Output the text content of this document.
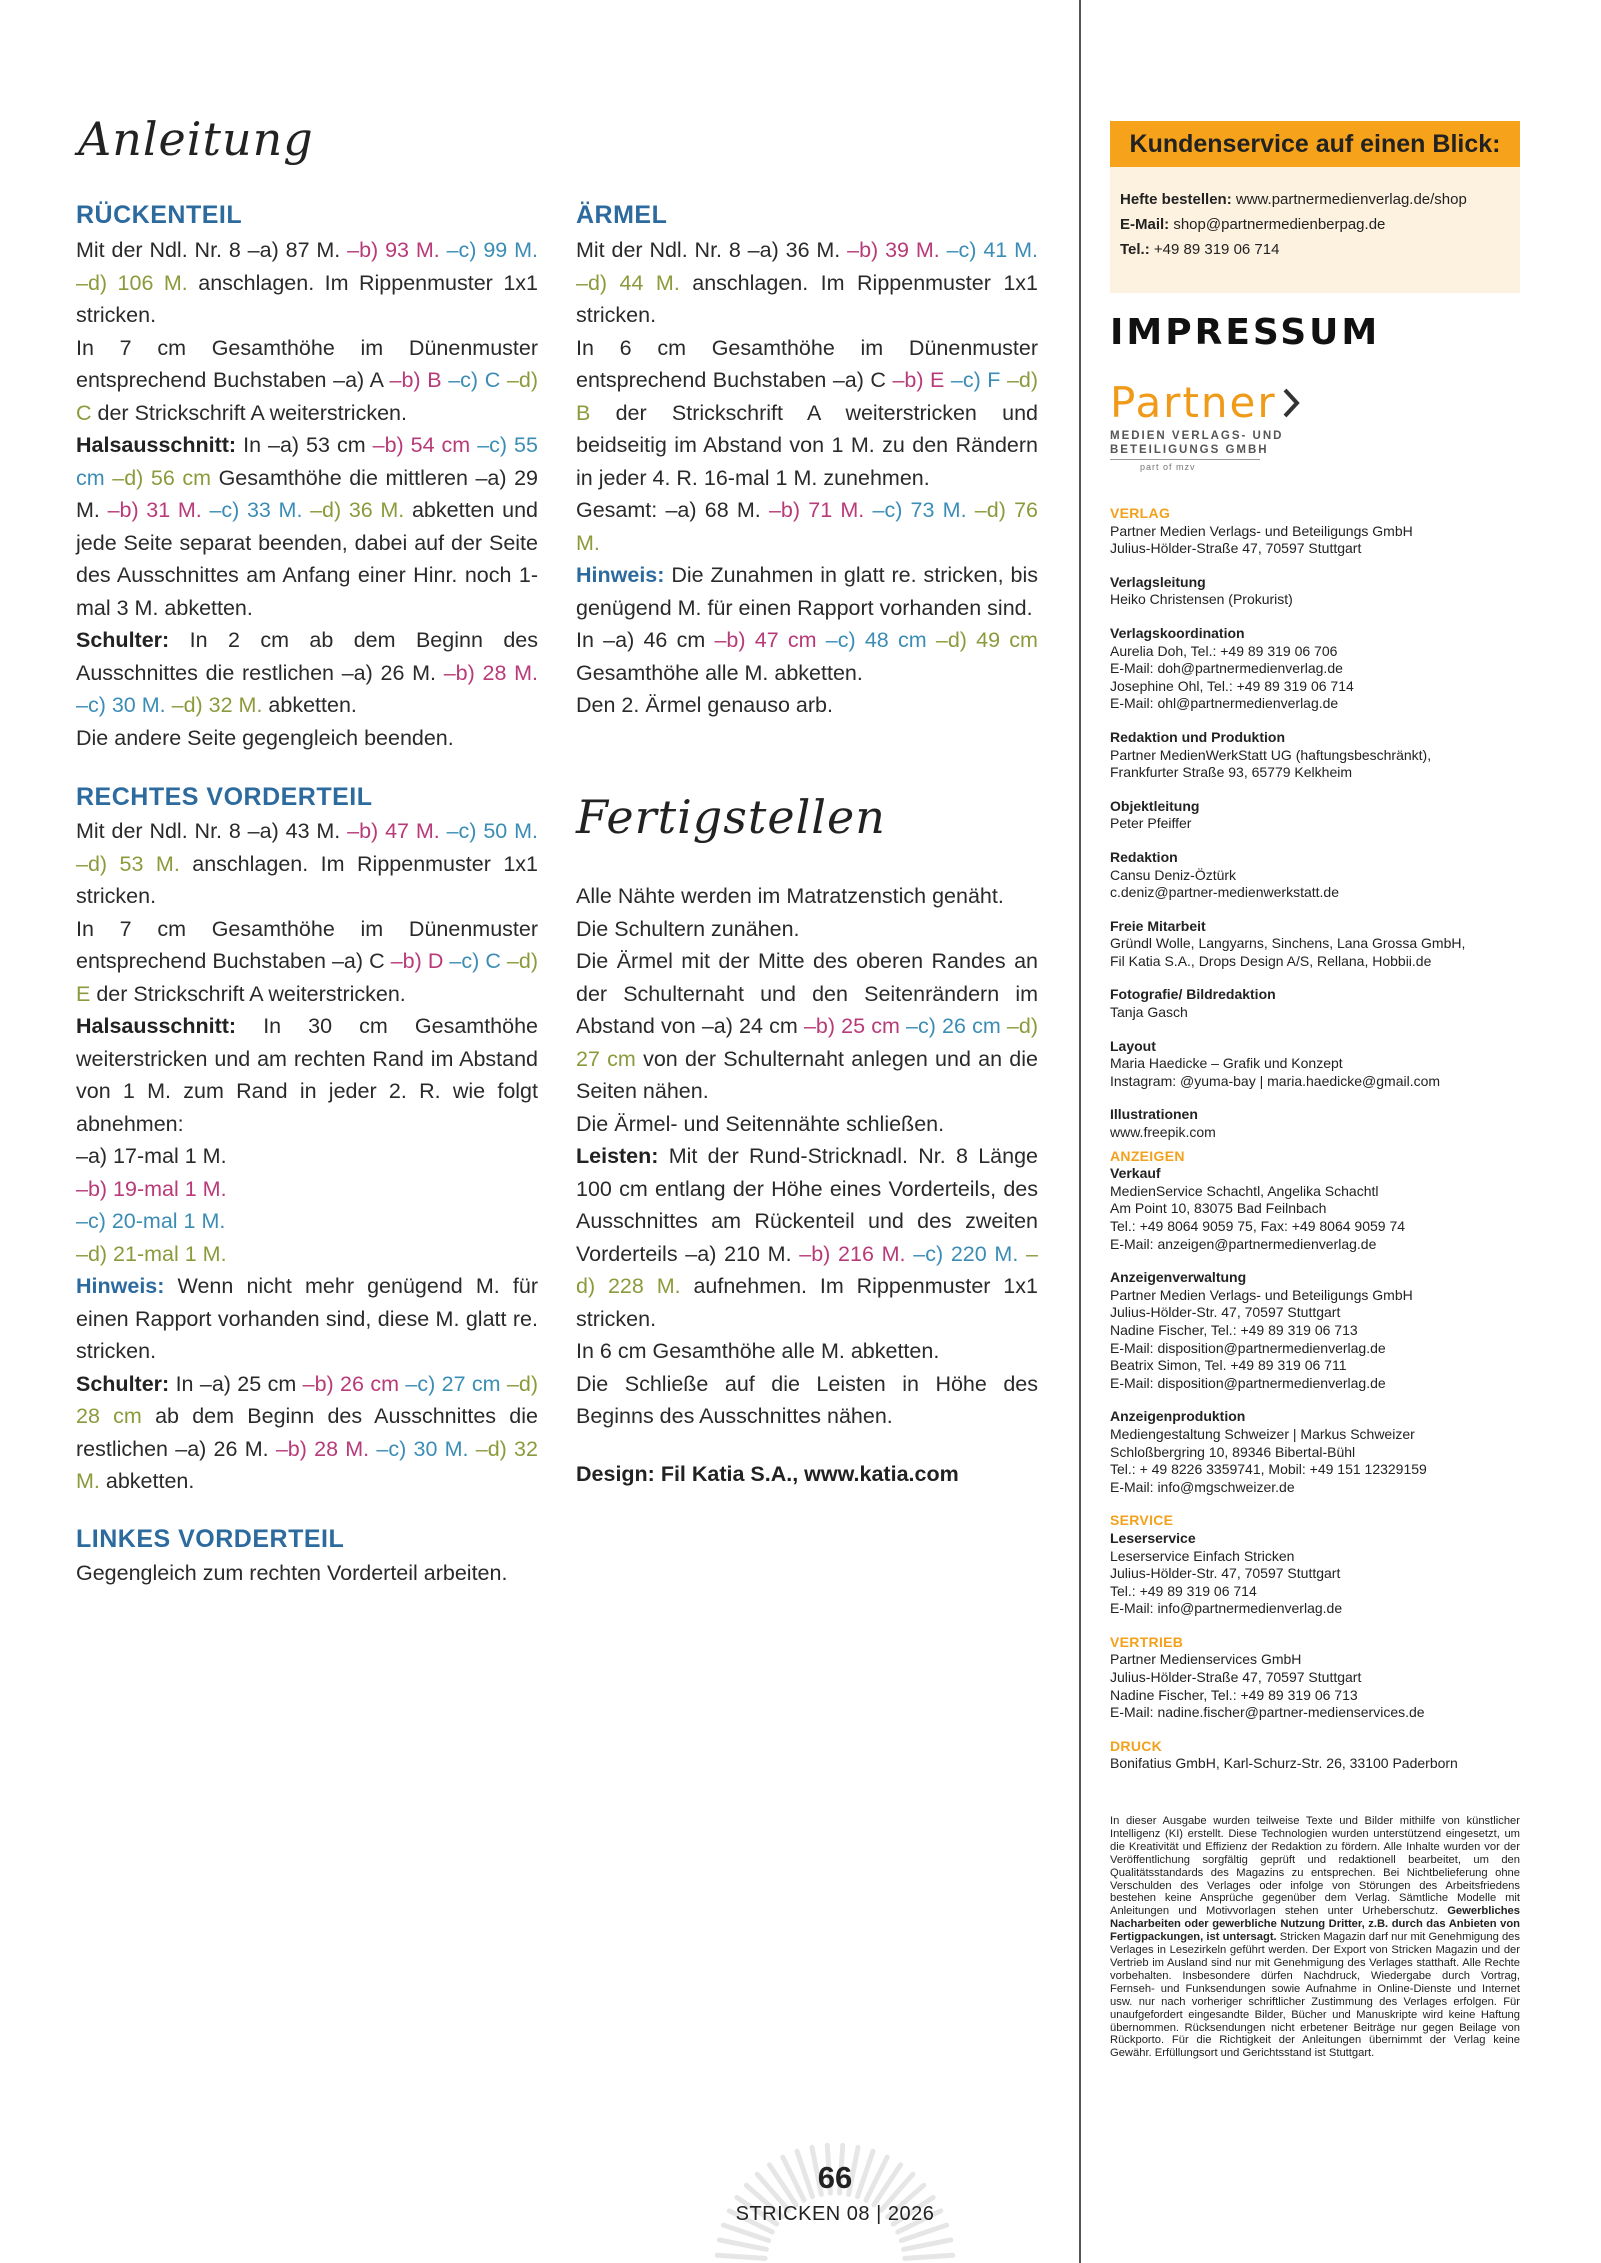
Anleitung
RÜCKENTEIL

Mit der Ndl. Nr. 8 –a) 87 M. –b) 93 M. –c) 99 M. –d) 106 M. anschlagen. Im Rippenmuster 1x1 stricken.

In 7 cm Gesamthöhe im Dünenmuster entsprechend Buchstaben –a) A –b) B –c) C –d) C der Strickschrift A weiterstricken.

Halsausschnitt: In –a) 53 cm –b) 54 cm –c) 55 cm –d) 56 cm Gesamthöhe die mittleren –a) 29 M. –b) 31 M. –c) 33 M. –d) 36 M. abketten und jede Seite separat beenden, dabei auf der Seite des Ausschnittes am Anfang einer Hinr. noch 1-mal 3 M. abketten.

Schulter: In 2 cm ab dem Beginn des Ausschnittes die restlichen –a) 26 M. –b) 28 M. –c) 30 M. –d) 32 M. abketten.

Die andere Seite gegengleich beenden.

RECHTES VORDERTEIL

Mit der Ndl. Nr. 8 –a) 43 M. –b) 47 M. –c) 50 M. –d) 53 M. anschlagen. Im Rippenmuster 1x1 stricken.

In 7 cm Gesamthöhe im Dünenmuster entsprechend Buchstaben –a) C –b) D –c) C –d) E der Strickschrift A weiterstricken.

Halsausschnitt: In 30 cm Gesamthöhe weiterstricken und am rechten Rand im Abstand von 1 M. zum Rand in jeder 2. R. wie folgt abnehmen:

–a) 17-mal 1 M.

–b) 19-mal 1 M.

–c) 20-mal 1 M.

–d) 21-mal 1 M.

Hinweis: Wenn nicht mehr genügend M. für einen Rapport vorhanden sind, diese M. glatt re. stricken.

Schulter: In –a) 25 cm –b) 26 cm –c) 27 cm –d) 28 cm ab dem Beginn des Ausschnittes die restlichen –a) 26 M. –b) 28 M. –c) 30 M. –d) 32 M. abketten.

LINKES VORDERTEIL

Gegengleich zum rechten Vorderteil arbeiten.

ÄRMEL

Mit der Ndl. Nr. 8 –a) 36 M. –b) 39 M. –c) 41 M. –d) 44 M. anschlagen. Im Rippenmuster 1x1 stricken.

In 6 cm Gesamthöhe im Dünenmuster entsprechend Buchstaben –a) C –b) E –c) F –d) B der Strickschrift A weiterstricken und beidseitig im Abstand von 1 M. zu den Rändern in jeder 4. R. 16-mal 1 M. zunehmen.

Gesamt: –a) 68 M. –b) 71 M. –c) 73 M. –d) 76 M.

Hinweis: Die Zunahmen in glatt re. stricken, bis genügend M. für einen Rapport vorhanden sind.

In –a) 46 cm –b) 47 cm –c) 48 cm –d) 49 cm Gesamthöhe alle M. abketten.

Den 2. Ärmel genauso arb.

Fertigstellen

Alle Nähte werden im Matratzenstich genäht.

Die Schultern zunähen.

Die Ärmel mit der Mitte des oberen Randes an der Schulternaht und den Seitenrändern im Abstand von –a) 24 cm –b) 25 cm –c) 26 cm –d) 27 cm von der Schulternaht anlegen und an die Seiten nähen.

Die Ärmel- und Seitennähte schließen.

Leisten: Mit der Rund-Stricknadl. Nr. 8 Länge 100 cm entlang der Höhe eines Vorderteils, des Ausschnittes am Rückenteil und des zweiten Vorderteils –a) 210 M. –b) 216 M. –c) 220 M. –d) 228 M. aufnehmen. Im Rippenmuster 1x1 stricken.

In 6 cm Gesamthöhe alle M. abketten.

Die Schließe auf die Leisten in Höhe des Beginns des Ausschnittes nähen.

Design: Fil Katia S.A., www.katia.com
Kundenservice auf einen Blick:
Hefte bestellen: www.partnermedienverlag.de/shop
E-Mail: shop@partnermedienberpag.de
Tel.: +49 89 319 06 714
IMPRESSUM
Partner
MEDIEN VERLAGS- UND
BETEILIGUNGS GMBH
part of mzv
VERLAG
Partner Medien Verlags- und Beteiligungs GmbH
Julius-Hölder-Straße 47, 70597 Stuttgart
Verlagsleitung
Heiko Christensen (Prokurist)
Verlagskoordination
Aurelia Doh, Tel.: +49 89 319 06 706
E-Mail: doh@partnermedienverlag.de
Josephine Ohl, Tel.: +49 89 319 06 714
E-Mail: ohl@partnermedienverlag.de
Redaktion und Produktion
Partner MedienWerkStatt UG (haftungsbeschränkt),
Frankfurter Straße 93, 65779 Kelkheim
Objektleitung
Peter Pfeiffer
Redaktion
Cansu Deniz-Öztürk
c.deniz@partner-medienwerkstatt.de
Freie Mitarbeit
Gründl Wolle, Langyarns, Sinchens, Lana Grossa GmbH,
Fil Katia S.A., Drops Design A/S, Rellana, Hobbii.de
Fotografie/ Bildredaktion
Tanja Gasch
Layout
Maria Haedicke – Grafik und Konzept
Instagram: @yuma-bay | maria.haedicke@gmail.com
Illustrationen
www.freepik.com
ANZEIGEN
Verkauf
MedienService Schachtl, Angelika Schachtl
Am Point 10, 83075 Bad Feilnbach
Tel.: +49 8064 9059 75, Fax: +49 8064 9059 74
E-Mail: anzeigen@partnermedienverlag.de
Anzeigenverwaltung
Partner Medien Verlags- und Beteiligungs GmbH
Julius-Hölder-Str. 47, 70597 Stuttgart
Nadine Fischer, Tel.: +49 89 319 06 713
E-Mail: disposition@partnermedienverlag.de
Beatrix Simon, Tel. +49 89 319 06 711
E-Mail: disposition@partnermedienverlag.de
Anzeigenproduktion
Mediengestaltung Schweizer | Markus Schweizer
Schloßbergring 10, 89346 Bibertal-Bühl
Tel.: + 49 8226 3359741, Mobil: +49 151 12329159
E-Mail: info@mgschweizer.de
SERVICE
Leserservice
Leserservice Einfach Stricken
Julius-Hölder-Str. 47, 70597 Stuttgart
Tel.: +49 89 319 06 714
E-Mail: info@partnermedienverlag.de
VERTRIEB
Partner Medienservices GmbH
Julius-Hölder-Straße 47, 70597 Stuttgart
Nadine Fischer, Tel.: +49 89 319 06 713
E-Mail: nadine.fischer@partner-medienservices.de
DRUCK
Bonifatius GmbH, Karl-Schurz-Str. 26, 33100 Paderborn
In dieser Ausgabe wurden teilweise Texte und Bilder mithilfe von künstlicher Intelligenz (KI) erstellt. Diese Technologien wurden unterstützend eingesetzt, um die Kreativität und Effizienz der Redaktion zu fördern. Alle Inhalte wurden vor der Veröffentlichung sorgfältig geprüft und redaktionell bearbeitet, um den Qualitätsstandards des Magazins zu entsprechen. Bei Nichtbelieferung ohne Verschulden des Verlages oder infolge von Störungen des Arbeitsfriedens bestehen keine Ansprüche gegenüber dem Verlag. Sämtliche Modelle mit Anleitungen und Motivvorlagen stehen unter Urheberschutz. Gewerbliches Nacharbeiten oder gewerbliche Nutzung Dritter, z.B. durch das Anbieten von Fertigpackungen, ist untersagt. Stricken Magazin darf nur mit Genehmigung des Verlages in Lesezirkeln geführt werden. Der Export von Stricken Magazin und der Vertrieb im Ausland sind nur mit Genehmigung des Verlages statthaft. Alle Rechte vorbehalten. Insbesondere dürfen Nachdruck, Wiedergabe durch Vortrag, Fernseh- und Funksendungen sowie Aufnahme in Online-Dienste und Internet usw. nur nach vorheriger schriftlicher Zustimmung des Verlages erfolgen. Für unaufgefordert eingesandte Bilder, Bücher und Manuskripte wird keine Haftung übernommen. Rücksendungen nicht erbetener Beiträge nur gegen Beilage von Rückporto. Für die Richtigkeit der Anleitungen übernimmt der Verlag keine Gewähr. Erfüllungsort und Gerichtsstand ist Stuttgart.
66
STRICKEN 08 | 2026
